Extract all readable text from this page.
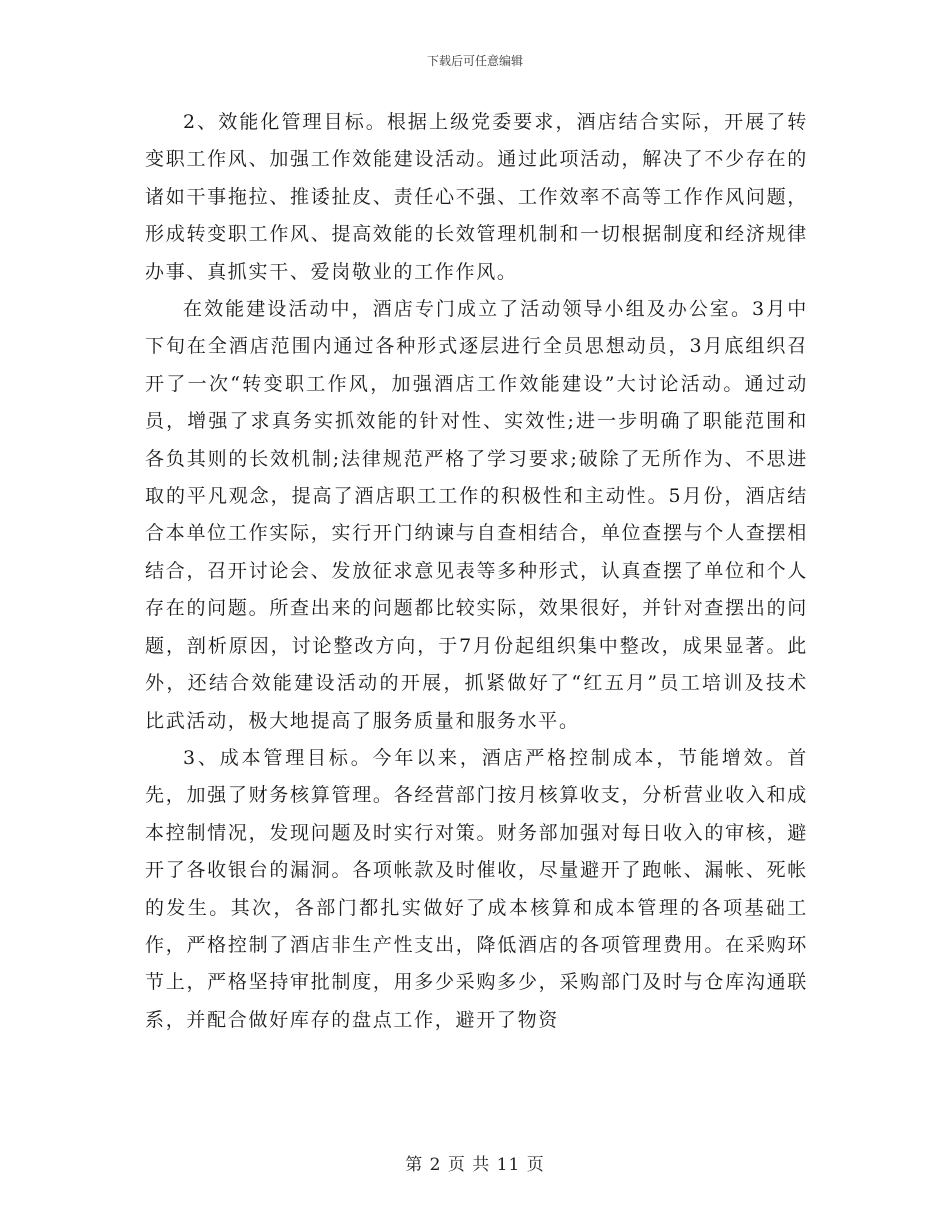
下载后可任意编辑

2、效能化管理目标。根据上级党委要求，酒店结合实际，开展了转变职工作风、加强工作效能建设活动。通过此项活动，解决了不少存在的诸如干事拖拉、推诿扯皮、责任心不强、工作效率不高等工作作风问题，形成转变职工作风、提高效能的长效管理机制和一切根据制度和经济规律办事、真抓实干、爱岗敬业的工作作风。

在效能建设活动中，酒店专门成立了活动领导小组及办公室。3月中下旬在全酒店范围内通过各种形式逐层进行全员思想动员，3月底组织召开了一次“转变职工作风，加强酒店工作效能建设”大讨论活动。通过动员，增强了求真务实抓效能的针对性、实效性;进一步明确了职能范围和各负其则的长效机制;法律规范严格了学习要求;破除了无所作为、不思进取的平凡观念，提高了酒店职工工作的积极性和主动性。5月份，酒店结合本单位工作实际，实行开门纳谏与自查相结合，单位查摆与个人查摆相结合，召开讨论会、发放征求意见表等多种形式，认真查摆了单位和个人存在的问题。所查出来的问题都比较实际，效果很好，并针对查摆出的问题，剖析原因，讨论整改方向，于7月份起组织集中整改，成果显著。此外，还结合效能建设活动的开展，抓紧做好了“红五月”员工培训及技术比武活动，极大地提高了服务质量和服务水平。

3、成本管理目标。今年以来，酒店严格控制成本，节能增效。首先，加强了财务核算管理。各经营部门按月核算收支，分析营业收入和成本控制情况，发现问题及时实行对策。财务部加强对每日收入的审核，避开了各收银台的漏洞。各项帐款及时催收，尽量避开了跑帐、漏帐、死帐的发生。其次，各部门都扎实做好了成本核算和成本管理的各项基础工作，严格控制了酒店非生产性支出，降低酒店的各项管理费用。在采购环节上，严格坚持审批制度，用多少采购多少，采购部门及时与仓库沟通联系，并配合做好库存的盘点工作，避开了物资

第 2 页 共 11 页
